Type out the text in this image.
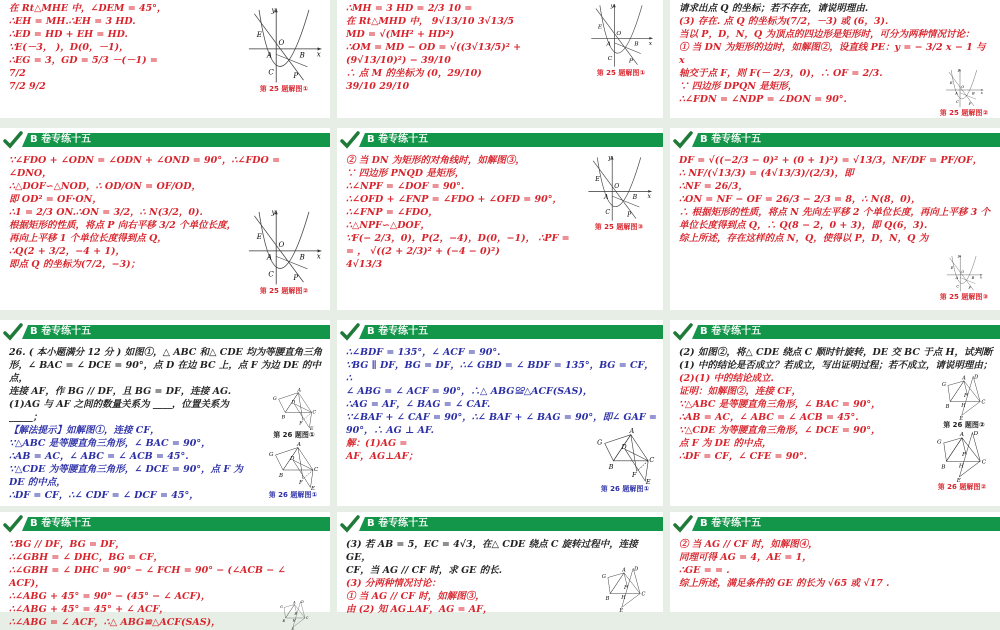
E
A	B
C P
O
y
x
第 25 题解图①
在 Rt△MHE 中，∠DEM = 45°，
∴EH = MH.∴EH = 3 HD.
∴ED = HD + EH = HD.
∵E(－3， )，D(0，－1)，
∴EG = 3，GD = 5/3 －(－1) =
7/2
7/2 9/2
E
A	B
C P
O
y
x
第 25 题解图①
∴MH = 3 HD = 2/3 10 =
在 Rt△MHD 中， 9√13/10 3√13/5
MD = √(MH² + HD²)
∴OM = MD − OD = √((3√13/5)² + (9√13/10)²) − 39/10
∴ 点 M 的坐标为 (0，29/10)
39/10 29/10	E
A B
C P
O
y
x
第 25 题解图②
请求出点 Q 的坐标；若不存在，请说明理由.
(3) 存在. 点 Q 的坐标为(7/2，－3) 或 (6，3).
当以 P，D，N，Q 为顶点的四边形是矩形时，可分为两种情况讨论：
① 当 DN 为矩形的边时，如解图②，设直线 PE：y = − 3/2 x − 1 与 x
轴交于点 F，则 F(－ 2/3，0)，∴ OF = 2/3.
∵ 四边形 DPQN 是矩形，
∴∠FDN = ∠NDP = ∠DON = 90°.
B 卷专练十五
E
A	B
C P
O
y
x
第 25 题解图②
∵∠FDO + ∠ODN = ∠ODN + ∠OND = 90°，∴∠FDO =
∠DNO，
∴△DOF∽△NOD，∴ OD/ON = OF/OD，
即 OD² = OF·ON，
∴1 = 2/3 ON.∴ON = 3/2，∴ N(3/2，0).
根据矩形的性质，将点 P 向右平移 3/2 个单位长度，
再向上平移 1 个单位长度得到点 Q，
∴Q(2 + 3/2，−4 + 1)，
即点 Q 的坐标为(7/2，−3)；
B 卷专练十五
E
A	B
C P
O
y
x
第 25 题解图③
② 当 DN 为矩形的对角线时，如解图③，
∵ 四边形 PNQD 是矩形，
∴∠NPF = ∠DOF = 90°.
∴∠OFD + ∠FNP = ∠FDO + ∠OFD = 90°，
∴∠FNP = ∠FDO，
∴△NPF∽△DOF，
∵F(− 2/3，0)，P(2，−4)，D(0，−1)， ∴PF =
= ， √((2 + 2/3)² + (−4 − 0)²)
4√13/3
B 卷专练十五
E
A B
C P
O
y
x
第 25 题解图③
DF = √((−2/3 − 0)² + (0 + 1)²) = √13/3，NF/DF = PF/OF，
∴ NF/(√13/3) = (4√13/3)/(2/3)，即
∴NF = 26/3，
∴ON = NF − OF = 26/3 − 2/3 = 8，∴ N(8，0)，
∴ 根据矩形的性质，将点 N 先向左平移 2 个单位长度，再向上平移 3 个
单位长度得到点 Q，∴ Q(8 − 2，0 + 3)，即 Q(6，3).
综上所述，存在这样的点 N，Q，使得以 P，D，N，Q 为
B 卷专练十五
G
A
B
C
D
F
E
第 26 题图①
G
A
B
C
D
F
E
第 26 题解图①
26. ( 本小题满分 12 分 ) 如图①，△ ABC 和△ CDE 均为等腰直角三角
形，∠ BAC = ∠ DCE = 90°，点 D 在边 BC 上，点 F 为边 DE 的中点，
连接 AF，作 BG // DF，且 BG = DF，连接 AG.
(1)AG 与 AF 之间的数量关系为 ____，位置关系为 _____；
【解法提示】如解图①，连接 CF，
∵△ABC 是等腰直角三角形，∠ BAC = 90°，
∴AB = AC，∠ ABC = ∠ ACB = 45°.
∵△CDE 为等腰直角三角形，∠ DCE = 90°，点 F 为 DE 的中点，
∴DF = CF，∴∠ CDF = ∠ DCF = 45°，
B 卷专练十五
G
A
B
C
D
F
E
第 26 题解图①
∴∠BDF = 135°，∠ ACF = 90°.
∵BG ∥ DF，BG = DF，∴∠ GBD = ∠ BDF = 135°，BG = CF，∴
∠ ABG = ∠ ACF = 90°，∴△ ABG≌△ACF(SAS)，
∴AG = AF，∠ BAG = ∠ CAF.
∵∠BAF + ∠ CAF = 90°，∴∠ BAF + ∠ BAG = 90°，即∠ GAF =
90°，∴ AG ⊥ AF.
解：(1)AG =
AF，AG⊥AF；
B 卷专练十五
G
A D
B
C
F
H
E
第 26 题图②
G
A D
B
C
F
H
E
第 26 题解图②
(2) 如图②，将△ CDE 绕点 C 顺时针旋转，DE 交 BC 于点 H，试判断
(1) 中的结论是否成立？若成立，写出证明过程；若不成立，请说明理由；
(2)(1) 中的结论成立.
证明：如解图②，连接 CF，
∵△ABC 是等腰直角三角形，∠ BAC = 90°，
∴AB = AC，∠ ABC = ∠ ACB = 45°.
∵△CDE 为等腰直角三角形，∠ DCE = 90°，
点 F 为 DE 的中点，
∴DF = CF，∠ CFE = 90°.
B 卷专练十五
G
A D
B
C
F
H
E
∵BG // DF，BG = DF，
∴∠GBH = ∠ DHC，BG = CF，
∴∠GBH = ∠ DHC = 90° − ∠ FCH = 90° − (∠ACB − ∠ ACF)，
∴∠ABG + 45° = 90° − (45° − ∠ ACF)，
∴∠ABG + 45° = 45° + ∠ ACF，
∴∠ABG = ∠ ACF，∴△ ABG≌△ACF(SAS)，
B 卷专练十五
G
A D
B
C
F
H
E
(3) 若 AB = 5，EC = 4√3，在△ CDE 绕点 C 旋转过程中，连接 GE，
CF，当 AG // CF 时，求 GE 的长.
(3) 分两种情况讨论：
① 当 AG // CF 时，如解图③，
由 (2) 知 AG⊥AF，AG = AF，
B 卷专练十五
② 当 AG // CF 时，如解图④，
同理可得 AG = 4，AE = 1，
∴GE = = .
综上所述，满足条件的 GE 的长为 √65 或 √17 .
